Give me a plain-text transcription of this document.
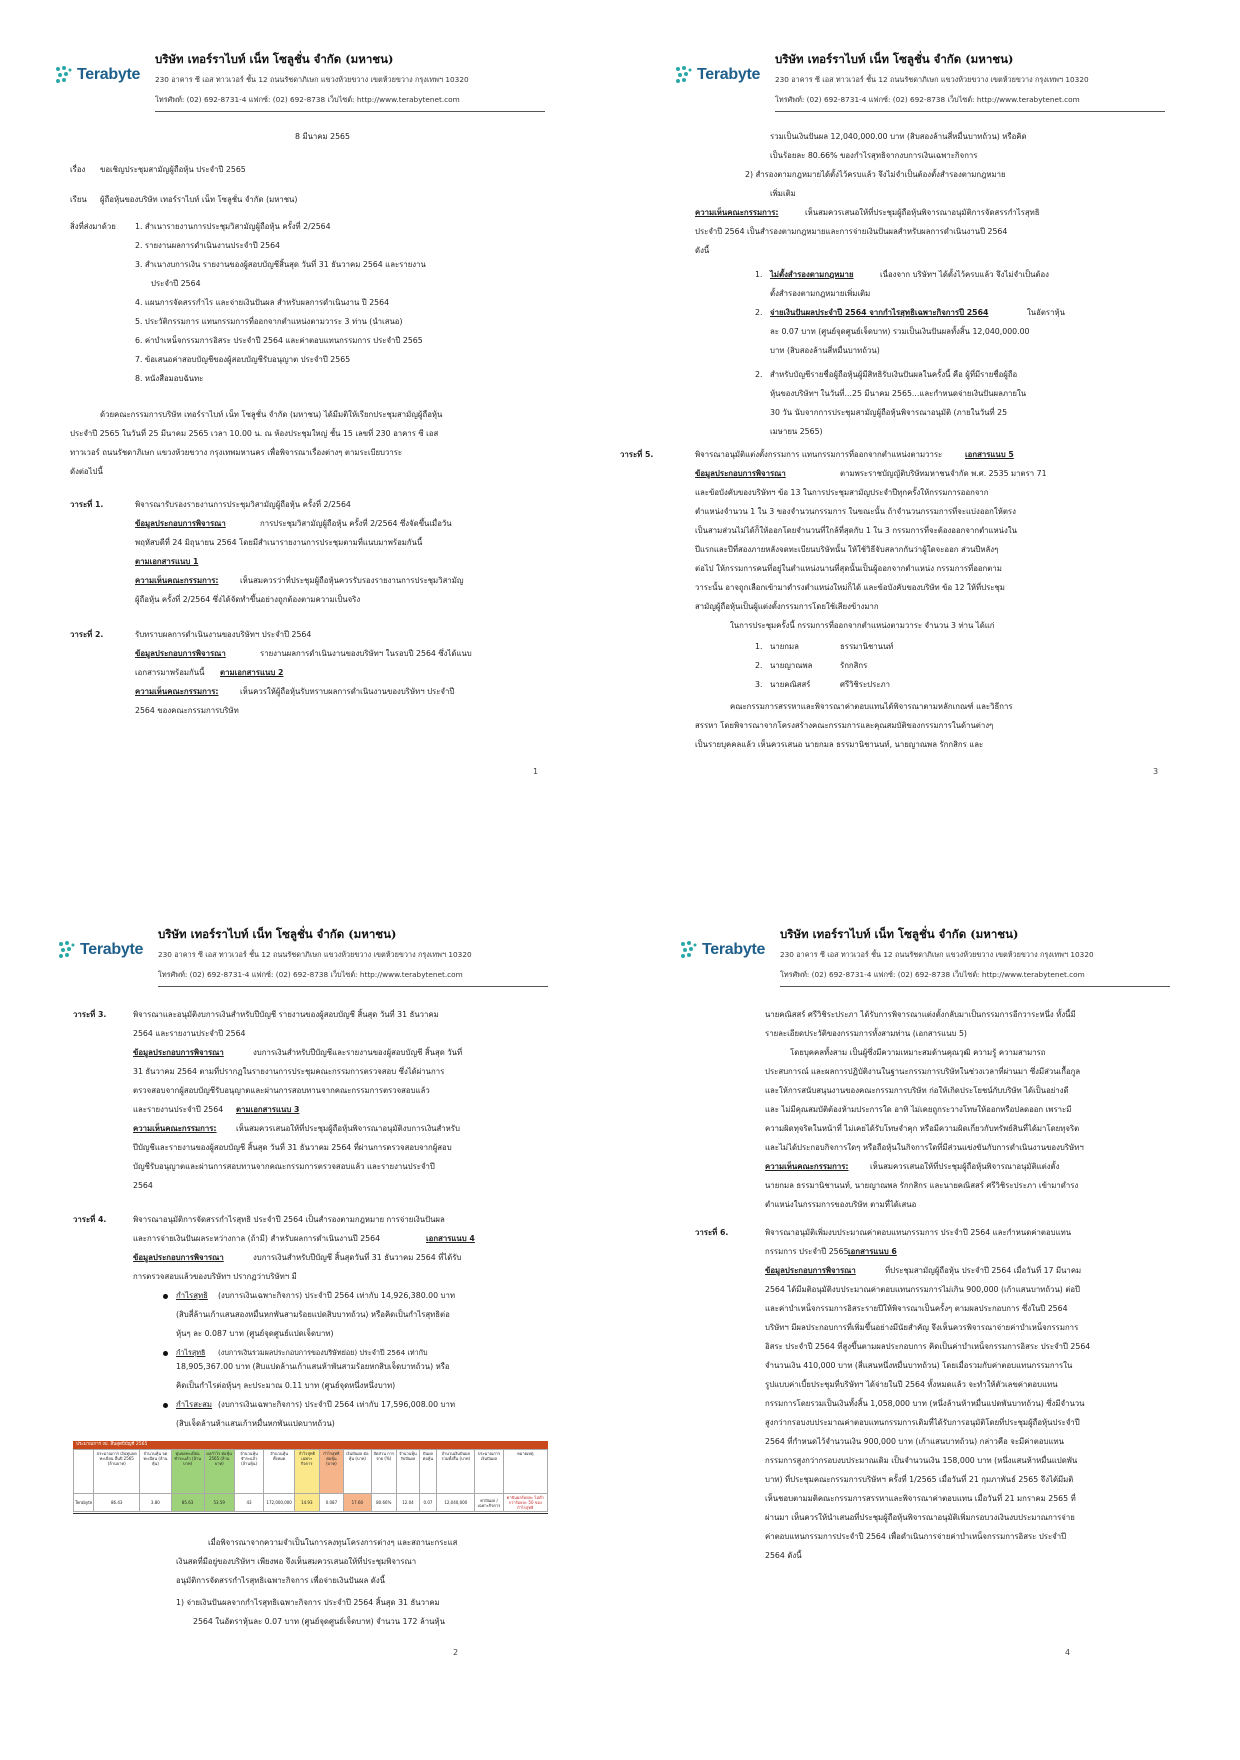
Terabyte
บริษัท เทอร์ราไบท์ เน็ท โซลูชั่น จำกัด (มหาชน)
230 อาคาร ซี เอส ทาวเวอร์ ชั้น 12 ถนนรัชดาภิเษก แขวงห้วยขวาง เขตห้วยขวาง กรุงเทพฯ 10320
โทรศัพท์: (02) 692-8731-4 แฟกซ์: (02) 692-8738 เว็บไซต์: http://www.terabytenet.com
8 มีนาคม 2565
เรื่อง ขอเชิญประชุมสามัญผู้ถือหุ้น ประจำปี 2565
เรียน ผู้ถือหุ้นของบริษัท เทอร์ราไบท์ เน็ท โซลูชั่น จำกัด (มหาชน)
สิ่งที่ส่งมาด้วย 1. สำเนารายงานการประชุมวิสามัญผู้ถือหุ้น ครั้งที่ 2/2564
2. รายงานผลการดำเนินงานประจำปี 2564
3. สำเนางบการเงิน รายงานของผู้สอบบัญชีสิ้นสุด วันที่ 31 ธันวาคม 2564 และรายงาน
ประจำปี 2564
4. แผนการจัดสรรกำไร และจ่ายเงินปันผล สำหรับผลการดำเนินงาน ปี 2564
5. ประวัติกรรมการ แทนกรรมการที่ออกจากตำแหน่งตามวาระ 3 ท่าน (นำเสนอ)
6. ค่าบำเหน็จกรรมการอิสระ ประจำปี 2564 และค่าตอบแทนกรรมการ ประจำปี 2565
7. ข้อเสนอค่าสอบบัญชีของผู้สอบบัญชีรับอนุญาต ประจำปี 2565
8. หนังสือมอบฉันทะ
ด้วยคณะกรรมการบริษัท เทอร์ราไบท์ เน็ท โซลูชั่น จำกัด (มหาชน) ได้มีมติให้เรียกประชุมสามัญผู้ถือหุ้น
ประจำปี 2565 ในวันที่ 25 มีนาคม 2565 เวลา 10.00 น. ณ ห้องประชุมใหญ่ ชั้น 15 เลขที่ 230 อาคาร ซี เอส
ทาวเวอร์ ถนนรัชดาภิเษก แขวงห้วยขวาง กรุงเทพมหานคร เพื่อพิจารณาเรื่องต่างๆ ตามระเบียบวาระ
ดังต่อไปนี้
วาระที่ 1.	พิจารณารับรองรายงานการประชุมวิสามัญผู้ถือหุ้น ครั้งที่ 2/2564
ข้อมูลประกอบการพิจารณา	การประชุมวิสามัญผู้ถือหุ้น ครั้งที่ 2/2564 ซึ่งจัดขึ้นเมื่อวัน
พฤหัสบดีที่ 24 มิถุนายน 2564 โดยมีสำเนารายงานการประชุมตามที่แนบมาพร้อมกันนี้
ตามเอกสารแนบ 1
ความเห็นคณะกรรมการ:	เห็นสมควรว่าที่ประชุมผู้ถือหุ้นควรรับรองรายงานการประชุมวิสามัญ
ผู้ถือหุ้น ครั้งที่ 2/2564 ซึ่งได้จัดทำขึ้นอย่างถูกต้องตามความเป็นจริง
วาระที่ 2.	รับทราบผลการดำเนินงานของบริษัทฯ ประจำปี 2564
ข้อมูลประกอบการพิจารณา	รายงานผลการดำเนินงานของบริษัทฯ ในรอบปี 2564 ซึ่งได้แนบ
เอกสารมาพร้อมกันนี้ ตามเอกสารแนบ 2
ความเห็นคณะกรรมการ:	เห็นควรให้ผู้ถือหุ้นรับทราบผลการดำเนินงานของบริษัทฯ ประจำปี
2564 ของคณะกรรมการบริษัท
1
Terabyte
บริษัท เทอร์ราไบท์ เน็ท โซลูชั่น จำกัด (มหาชน)
230 อาคาร ซี เอส ทาวเวอร์ ชั้น 12 ถนนรัชดาภิเษก แขวงห้วยขวาง เขตห้วยขวาง กรุงเทพฯ 10320
โทรศัพท์: (02) 692-8731-4 แฟกซ์: (02) 692-8738 เว็บไซต์: http://www.terabytenet.com
รวมเป็นเงินปันผล 12,040,000.00 บาท (สิบสองล้านสี่หมื่นบาทถ้วน) หรือคิด
เป็นร้อยละ 80.66% ของกำไรสุทธิจากงบการเงินเฉพาะกิจการ
2) สำรองตามกฎหมายได้ตั้งไว้ครบแล้ว จึงไม่จำเป็นต้องตั้งสำรองตามกฎหมาย
เพิ่มเติม
ความเห็นคณะกรรมการ:	เห็นสมควรเสนอให้ที่ประชุมผู้ถือหุ้นพิจารณาอนุมัติการจัดสรรกำไรสุทธิ
ประจำปี 2564 เป็นสำรองตามกฎหมายและการจ่ายเงินปันผลสำหรับผลการดำเนินงานปี 2564
ดังนี้
1. ไม่ตั้งสำรองตามกฎหมาย	เนื่องจาก บริษัทฯ ได้ตั้งไว้ครบแล้ว จึงไม่จำเป็นต้อง
ตั้งสำรองตามกฎหมายเพิ่มเติม
2. จ่ายเงินปันผลประจำปี 2564 จากกำไรสุทธิเฉพาะกิจการปี 2564	ในอัตราหุ้น
ละ 0.07 บาท (ศูนย์จุดศูนย์เจ็ดบาท) รวมเป็นเงินปันผลทั้งสิ้น 12,040,000.00
บาท (สิบสองล้านสี่หมื่นบาทถ้วน)
2. สำหรับบัญชีรายชื่อผู้ถือหุ้นผู้มีสิทธิรับเงินปันผลในครั้งนี้ คือ ผู้ที่มีรายชื่อผู้ถือ
หุ้นของบริษัทฯ ในวันที่...25 มีนาคม 2565...และกำหนดจ่ายเงินปันผลภายใน
30 วัน นับจากการประชุมสามัญผู้ถือหุ้นพิจารณาอนุมัติ (ภายในวันที่ 25
เมษายน 2565)
วาระที่ 5.	พิจารณาอนุมัติแต่งตั้งกรรมการ แทนกรรมการที่ออกจากตำแหน่งตามวาระ	เอกสารแนบ 5
ข้อมูลประกอบการพิจารณา	ตามพระราชบัญญัติบริษัทมหาชนจำกัด พ.ศ. 2535 มาตรา 71
และข้อบังคับของบริษัทฯ ข้อ 13 ในการประชุมสามัญประจำปีทุกครั้งให้กรรมการออกจาก
ตำแหน่งจำนวน 1 ใน 3 ของจำนวนกรรมการ ในขณะนั้น ถ้าจำนวนกรรมการที่จะแบ่งออกให้ตรง
เป็นสามส่วนไม่ได้ก็ให้ออกโดยจำนวนที่ใกล้ที่สุดกับ 1 ใน 3 กรรมการที่จะต้องออกจากตำแหน่งใน
ปีแรกและปีที่สองภายหลังจดทะเบียนบริษัทนั้น ให้ใช้วิธีจับสลากกันว่าผู้ใดจะออก ส่วนปีหลังๆ
ต่อไป ให้กรรมการคนที่อยู่ในตำแหน่งนานที่สุดนั้นเป็นผู้ออกจากตำแหน่ง กรรมการที่ออกตาม
วาระนั้น อาจถูกเลือกเข้ามาดำรงตำแหน่งใหม่ก็ได้ และข้อบังคับของบริษัท ข้อ 12 ให้ที่ประชุม
สามัญผู้ถือหุ้นเป็นผู้แต่งตั้งกรรมการโดยใช้เสียงข้างมาก
ในการประชุมครั้งนี้ กรรมการที่ออกจากตำแหน่งตามวาระ จำนวน 3 ท่าน ได้แก่
1. นายกมล	ธรรมานิชานนท์
2. นายญาณพล	รักกสิกร
3. นายคณิสสร์	ศรีวิชิระประภา
คณะกรรมการสรรหาและพิจารณาค่าตอบแทนได้พิจารณาตามหลักเกณฑ์ และวิธีการ
สรรหา โดยพิจารณาจากโครงสร้างคณะกรรมการและคุณสมบัติของกรรมการในด้านต่างๆ
เป็นรายบุคคลแล้ว เห็นควรเสนอ นายกมล ธรรมานิชานนท์, นายญาณพล รักกสิกร และ
3
Terabyte
บริษัท เทอร์ราไบท์ เน็ท โซลูชั่น จำกัด (มหาชน)
230 อาคาร ซี เอส ทาวเวอร์ ชั้น 12 ถนนรัชดาภิเษก แขวงห้วยขวาง เขตห้วยขวาง กรุงเทพฯ 10320
โทรศัพท์: (02) 692-8731-4 แฟกซ์: (02) 692-8738 เว็บไซต์: http://www.terabytenet.com
วาระที่ 3.	พิจารณาและอนุมัติงบการเงินสำหรับปีบัญชี รายงานของผู้สอบบัญชี สิ้นสุด วันที่ 31 ธันวาคม
2564 และรายงานประจำปี 2564
ข้อมูลประกอบการพิจารณา	งบการเงินสำหรับปีบัญชีและรายงานของผู้สอบบัญชี สิ้นสุด วันที่
31 ธันวาคม 2564 ตามที่ปรากฏในรายงานการประชุมคณะกรรมการตรวจสอบ ซึ่งได้ผ่านการ
ตรวจสอบจากผู้สอบบัญชีรับอนุญาตและผ่านการสอบทานจากคณะกรรมการตรวจสอบแล้ว
และรายงานประจำปี 2564 ตามเอกสารแนบ 3
ความเห็นคณะกรรมการ: เห็นสมควรเสนอให้ที่ประชุมผู้ถือหุ้นพิจารณาอนุมัติงบการเงินสำหรับ
ปีบัญชีและรายงานของผู้สอบบัญชี สิ้นสุด วันที่ 31 ธันวาคม 2564 ที่ผ่านการตรวจสอบจากผู้สอบ
บัญชีรับอนุญาตและผ่านการสอบทานจากคณะกรรมการตรวจสอบแล้ว และรายงานประจำปี
2564
วาระที่ 4.	พิจารณาอนุมัติการจัดสรรกำไรสุทธิ ประจำปี 2564 เป็นสำรองตามกฎหมาย การจ่ายเงินปันผล
และการจ่ายเงินปันผลระหว่างกาล (ถ้ามี) สำหรับผลการดำเนินงานปี 2564	เอกสารแนบ 4
ข้อมูลประกอบการพิจารณา	งบการเงินสำหรับปีบัญชี สิ้นสุดวันที่ 31 ธันวาคม 2564 ที่ได้รับ
การตรวจสอบแล้วของบริษัทฯ ปรากฏว่าบริษัทฯ มี
กำไรสุทธิ (งบการเงินเฉพาะกิจการ) ประจำปี 2564 เท่ากับ 14,926,380.00 บาท
(สิบสี่ล้านเก้าแสนสองหมื่นหกพันสามร้อยแปดสิบบาทถ้วน) หรือคิดเป็นกำไรสุทธิต่อ
หุ้นๆ ละ 0.087 บาท (ศูนย์จุดศูนย์แปดเจ็ดบาท)
กำไรสุทธิ (งบการเงินรวมผลประกอบการของบริษัทย่อย) ประจำปี 2564 เท่ากับ
2
18,905,367.00 บาท (สิบแปดล้านเก้าแสนห้าพันสามร้อยหกสิบเจ็ดบาทถ้วน) หรือ
คิดเป็นกำไรต่อหุ้นๆ ละประมาณ 0.11 บาท (ศูนย์จุดหนึ่งหนึ่งบาท)
กำไรสะสม (งบการเงินเฉพาะกิจการ) ประจำปี 2564 เท่ากับ 17,596,008.00 บาท
(สิบเจ็ดล้านห้าแสนเก้าหมื่นหกพันแปดบาทถ้วน)
ประมาณการ งบ. สิ้นสุดปีบัญชี 2565
	ประมาณการ เงินทุนจดทะเบียน สิ้นปี 2565 (ล้านบาท)	จำนวนหุ้น จดทะเบียน (ล้านหุ้น)	ทุนจดทะเบียนชำระแล้ว (ล้านบาท)	ผลกำไร ต่อหุ้น 2565 (ล้านบาท)	จำนวนหุ้น ชำระแล้ว (ล้านหุ้น)	จำนวนหุ้น ทั้งหมด	กำไรสุทธิ เฉพาะกิจการ	กำไรสุทธิ ต่อหุ้น (บาท)	เงินปันผล ต่อหุ้น (บาท)	สัดส่วน การจ่าย (%)	จำนวนหุ้น รับปันผล	ปันผล ต่อหุ้น	จำนวนเงินปันผล รวมทั้งสิ้น (บาท)	ประมาณการ เงินปันผล	หมายเหตุ
Terabyte	86.43	3.80	85.63	53.59	43	172,000,000	14.93	0.087	17.60	80.66%	12.04	0.07	12,040,000	ค่าปันผล / เฉพาะกิจการ	ค่าปันผลร้อยละ ไม่ต่ำกว่าร้อยละ 50 ของกำไรสุทธิ
เมื่อพิจารณาจากความจำเป็นในการลงทุนโครงการต่างๆ และสถานะกระแส
เงินสดที่มีอยู่ของบริษัทฯ เพียงพอ จึงเห็นสมควรเสนอให้ที่ประชุมพิจารณา
อนุมัติการจัดสรรกำไรสุทธิเฉพาะกิจการ เพื่อจ่ายเงินปันผล ดังนี้
1) จ่ายเงินปันผลจากกำไรสุทธิเฉพาะกิจการ ประจำปี 2564 สิ้นสุด 31 ธันวาคม
2564 ในอัตราหุ้นละ 0.07 บาท (ศูนย์จุดศูนย์เจ็ดบาท) จำนวน 172 ล้านหุ้น
Terabyte
บริษัท เทอร์ราไบท์ เน็ท โซลูชั่น จำกัด (มหาชน)
230 อาคาร ซี เอส ทาวเวอร์ ชั้น 12 ถนนรัชดาภิเษก แขวงห้วยขวาง เขตห้วยขวาง กรุงเทพฯ 10320
โทรศัพท์: (02) 692-8731-4 แฟกซ์: (02) 692-8738 เว็บไซต์: http://www.terabytenet.com
นายคณิสสร์ ศรีวิชิระประภา ได้รับการพิจารณาแต่งตั้งกลับมาเป็นกรรมการอีกวาระหนึ่ง ทั้งนี้มี
รายละเอียดประวัติของกรรมการทั้งสามท่าน (เอกสารแนบ 5)
โดยบุคคลทั้งสาม เป็นผู้ซึ่งมีความเหมาะสมด้านคุณวุฒิ ความรู้ ความสามารถ
ประสบการณ์ และผลการปฏิบัติงานในฐานะกรรมการบริษัทในช่วงเวลาที่ผ่านมา ซึ่งมีส่วนเกื้อกูล
และให้การสนับสนุนงานของคณะกรรมการบริษัท ก่อให้เกิดประโยชน์กับบริษัท ได้เป็นอย่างดี
และ ไม่มีคุณสมบัติต้องห้ามประการใด อาทิ ไม่เคยถูกระวางโทษให้ออกหรือปลดออก เพราะมี
ความผิดทุจริตในหน้าที่ ไม่เคยได้รับโทษจำคุก หรือมีความผิดเกี่ยวกับทรัพย์สินที่ได้มาโดยทุจริต
และไม่ได้ประกอบกิจการใดๆ หรือถือหุ้นในกิจการใดที่มีส่วนแข่งขันกับการดำเนินงานของบริษัทฯ
ความเห็นคณะกรรมการ:	เห็นสมควรเสนอให้ที่ประชุมผู้ถือหุ้นพิจารณาอนุมัติแต่งตั้ง
นายกมล ธรรมานิชานนท์, นายญาณพล รักกสิกร และนายคณิสสร์ ศรีวิชิระประภา เข้ามาดำรง
ตำแหน่งในกรรมการของบริษัท ตามที่ได้เสนอ
วาระที่ 6.	พิจารณาอนุมัติเพิ่มงบประมาณค่าตอบแทนกรรมการ ประจำปี 2564 และกำหนดค่าตอบแทน
กรรมการ ประจำปี 2565 เอกสารแนบ 6
ข้อมูลประกอบการพิจารณา	ที่ประชุมสามัญผู้ถือหุ้น ประจำปี 2564 เมื่อวันที่ 17 มีนาคม
2564 ได้มีมติอนุมัติงบประมาณค่าตอบแทนกรรมการไม่เกิน 900,000 (เก้าแสนบาทถ้วน) ต่อปี
และค่าบำเหน็จกรรมการอิสระรายปีให้พิจารณาเป็นครั้งๆ ตามผลประกอบการ ซึ่งในปี 2564
บริษัทฯ มีผลประกอบการที่เพิ่มขึ้นอย่างมีนัยสำคัญ จึงเห็นควรพิจารณาจ่ายค่าบำเหน็จกรรมการ
อิสระ ประจำปี 2564 ที่สูงขึ้นตามผลประกอบการ คิดเป็นค่าบำเหน็จกรรมการอิสระ ประจำปี 2564
จำนวนเงิน 410,000 บาท (สี่แสนหนึ่งหมื่นบาทถ้วน) โดยเมื่อรวมกับค่าตอบแทนกรรมการใน
รูปแบบค่าเบี้ยประชุมที่บริษัทฯ ได้จ่ายในปี 2564 ทั้งหมดแล้ว จะทำให้ตัวเลขค่าตอบแทน
กรรมการโดยรวมเป็นเงินทั้งสิ้น 1,058,000 บาท (หนึ่งล้านห้าหมื่นแปดพันบาทถ้วน) ซึ่งมีจำนวน
สูงกว่ากรอบงบประมาณค่าตอบแทนกรรมการเดิมที่ได้รับการอนุมัติโดยที่ประชุมผู้ถือหุ้นประจำปี
2564 ที่กำหนดไว้จำนวนเงิน 900,000 บาท (เก้าแสนบาทถ้วน) กล่าวคือ จะมีค่าตอบแทน
กรรมการสูงกว่ากรอบงบประมาณเดิม เป็นจำนวนเงิน 158,000 บาท (หนึ่งแสนห้าหมื่นแปดพัน
บาท) ที่ประชุมคณะกรรมการบริษัทฯ ครั้งที่ 1/2565 เมื่อวันที่ 21 กุมภาพันธ์ 2565 จึงได้มีมติ
เห็นชอบตามมติคณะกรรมการสรรหาและพิจารณาค่าตอบแทน เมื่อวันที่ 21 มกราคม 2565 ที่
ผ่านมา เห็นควรให้นำเสนอที่ประชุมผู้ถือหุ้นพิจารณาอนุมัติเพิ่มกรอบวงเงินงบประมาณการจ่าย
ค่าตอบแทนกรรมการประจำปี 2564 เพื่อดำเนินการจ่ายค่าบำเหน็จกรรมการอิสระ ประจำปี
2564 ดังนี้
4
